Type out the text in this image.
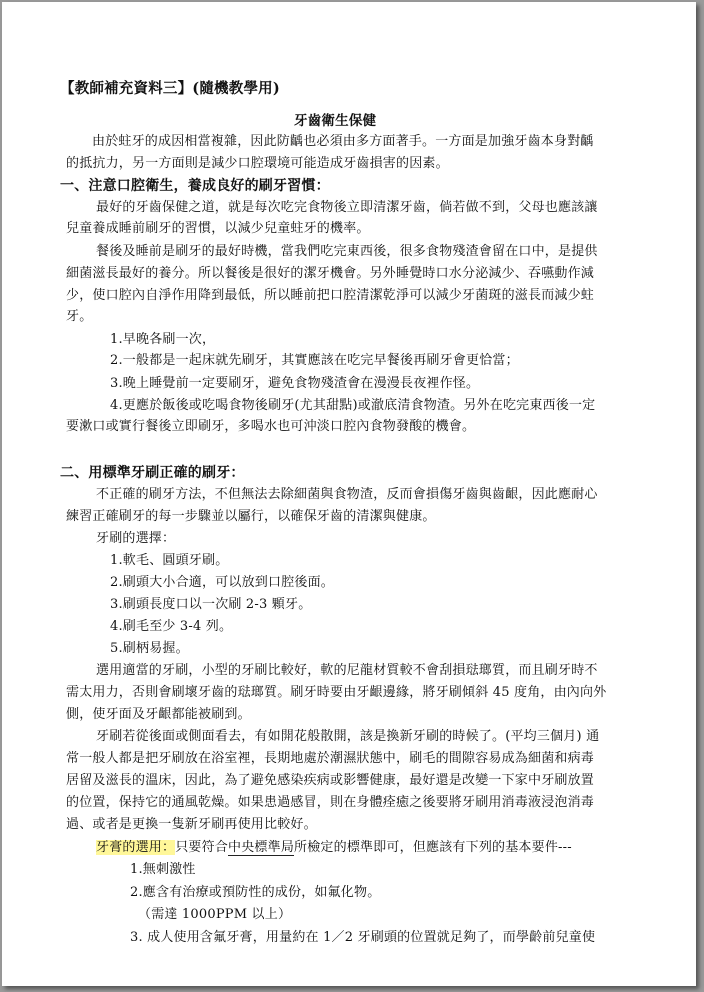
【教師補充資料三】(隨機教學用)
牙齒衛生保健
由於蛀牙的成因相當複雜，因此防齲也必須由多方面著手。一方面是加強牙齒本身對齲
的抵抗力，另一方面則是減少口腔環境可能造成牙齒損害的因素。
一、注意口腔衛生，養成良好的刷牙習慣：
最好的牙齒保健之道，就是每次吃完食物後立即清潔牙齒，倘若做不到，父母也應該讓
兒童養成睡前刷牙的習慣，以減少兒童蛀牙的機率。
餐後及睡前是刷牙的最好時機，當我們吃完東西後，很多食物殘渣會留在口中，是提供
細菌滋長最好的養分。所以餐後是很好的潔牙機會。另外睡覺時口水分泌減少、吞嚥動作減
少，使口腔內自淨作用降到最低，所以睡前把口腔清潔乾淨可以減少牙菌斑的滋長而減少蛀
牙。
1.早晚各刷一次，
2.一般都是一起床就先刷牙，其實應該在吃完早餐後再刷牙會更恰當；
3.晚上睡覺前一定要刷牙，避免食物殘渣會在漫漫長夜裡作怪。
4.更應於飯後或吃喝食物後刷牙(尤其甜點)或澈底清食物渣。另外在吃完東西後一定
要漱口或實行餐後立即刷牙，多喝水也可沖淡口腔內食物發酸的機會。
二、用標準牙刷正確的刷牙：
不正確的刷牙方法，不但無法去除細菌與食物渣，反而會損傷牙齒與齒齦，因此應耐心
練習正確刷牙的每一步驟並以屬行，以確保牙齒的清潔與健康。
牙刷的選擇：
1.軟毛、圓頭牙刷。
2.刷頭大小合適，可以放到口腔後面。
3.刷頭長度口以一次刷 2-3 顆牙。
4.刷毛至少 3-4 列。
5.刷柄易握。
選用適當的牙刷，小型的牙刷比較好，軟的尼龍材質較不會刮損琺瑯質，而且刷牙時不
需太用力，否則會刷壞牙齒的琺瑯質。刷牙時要由牙齦邊緣，將牙刷傾斜 45 度角，由內向外
側，使牙面及牙齦都能被刷到。
牙刷若從後面或側面看去，有如開花般散開，該是換新牙刷的時候了。(平均三個月) 通
常一般人都是把牙刷放在浴室裡，長期地處於潮濕狀態中，刷毛的間隙容易成為細菌和病毒
居留及滋長的溫床，因此，為了避免感染疾病或影響健康，最好還是改變一下家中牙刷放置
的位置，保持它的通風乾燥。如果患過感冒，則在身體痊癒之後要將牙刷用消毒液浸泡消毒
過、或者是更換一隻新牙刷再使用比較好。
牙膏的選用：只要符合中央標準局所檢定的標準即可，但應該有下列的基本要件---
1.無刺激性
2.應含有治療或預防性的成份，如氟化物。
（需達 1000PPM 以上）
3. 成人使用含氟牙膏，用量約在 1／2 牙刷頭的位置就足夠了，而學齡前兒童使
